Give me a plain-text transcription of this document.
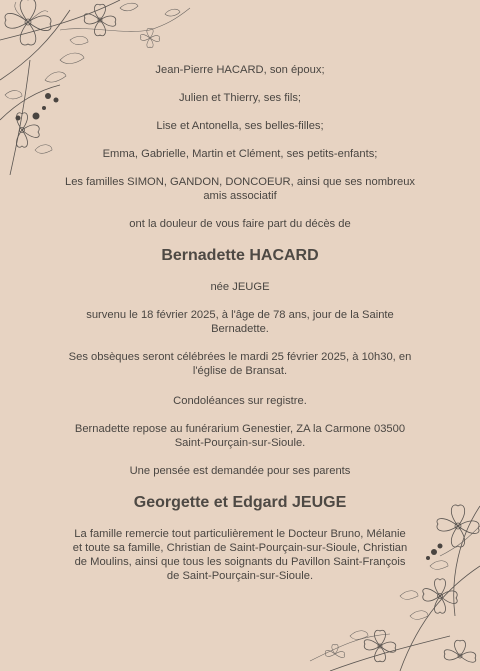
Jean-Pierre HACARD, son époux;

Julien et Thierry, ses fils;

Lise et Antonella, ses belles-filles;

Emma, Gabrielle, Martin et Clément, ses petits-enfants;

Les familles SIMON, GANDON, DONCOEUR, ainsi que ses nombreux amis associatif

ont la douleur de vous faire part du décès de

Bernadette HACARD

née JEUGE

survenu le 18 février 2025, à l'âge de 78 ans, jour de la Sainte Bernadette.

Ses obsèques seront célébrées le mardi 25 février 2025, à 10h30, en l'église de Bransat.

Condoléances sur registre.

Bernadette repose au funérarium Genestier, ZA la Carmone 03500 Saint-Pourçain-sur-Sioule.

Une pensée est demandée pour ses parents

Georgette et Edgard JEUGE

La famille remercie tout particulièrement le Docteur Bruno, Mélanie et toute sa famille, Christian de Saint-Pourçain-sur-Sioule, Christian de Moulins, ainsi que tous les soignants du Pavillon Saint-François de Saint-Pourçain-sur-Sioule.
